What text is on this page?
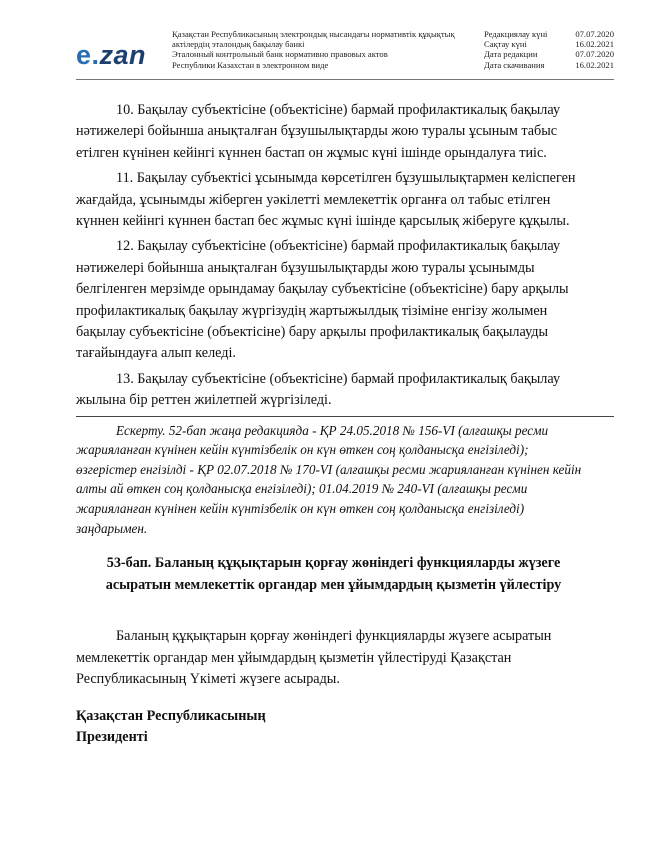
e.zan
Қазақстан Республикасының электрондық нысандағы нормативтік құқықтық
актілердің эталондық бақылау банкі
Эталонный контрольный банк нормативно правовых актов
Республики Казахстан в электронном виде
Редакциялау күні	07.07.2020
Сақтау күні	16.02.2021
Дата редакции	07.07.2020
Дата скачивания	16.02.2021

10. Бақылау субъектісіне (объектісіне) бармай профилактикалық бақылау нәтижелері бойынша анықталған бұзушылықтарды жою туралы ұсыным табыс етілген күнінен кейінгі күннен бастап он жұмыс күні ішінде орындалуға тиіс.

11. Бақылау субъектісі ұсынымда көрсетілген бұзушылықтармен келіспеген жағдайда, ұсынымды жіберген уәкілетті мемлекеттік органға ол табыс етілген күннен кейінгі күннен бастап бес жұмыс күні ішінде қарсылық жіберуге құқылы.

12. Бақылау субъектісіне (объектісіне) бармай профилактикалық бақылау нәтижелері бойынша анықталған бұзушылықтарды жою туралы ұсынымды белгіленген мерзімде орындамау бақылау субъектісіне (объектісіне) бару арқылы профилактикалық бақылау жүргізудің жартыжылдық тізіміне енгізу жолымен бақылау субъектісіне (объектісіне) бару арқылы профилактикалық бақылауды тағайындауға алып келеді.

13. Бақылау субъектісіне (объектісіне) бармай профилактикалық бақылау жылына бір реттен жиілетпей жүргізіледі.

Ескерту. 52-бап жаңа редакцияда - ҚР 24.05.2018 № 156-VI (алғашқы ресми жарияланған күнінен кейін күнтізбелік он күн өткен соң қолданысқа енгізіледі); өзгерістер енгізілді - ҚР 02.07.2018 № 170-VI (алғашқы ресми жарияланған күнінен кейін алты ай өткен соң қолданысқа енгізіледі); 01.04.2019 № 240-VI (алғашқы ресми жарияланған күнінен кейін күнтізбелік он күн өткен соң қолданысқа енгізіледі) заңдарымен.

53-бап. Баланың құқықтарын қорғау жөніндегі функцияларды жүзеге асыратын мемлекеттік органдар мен ұйымдардың қызметін үйлестіру

Баланың құқықтарын қорғау жөніндегі функцияларды жүзеге асыратын мемлекеттік органдар мен ұйымдардың қызметін үйлестіруді Қазақстан Республикасының Үкіметі жүзеге асырады.

Қазақстан Республикасының
Президенті
